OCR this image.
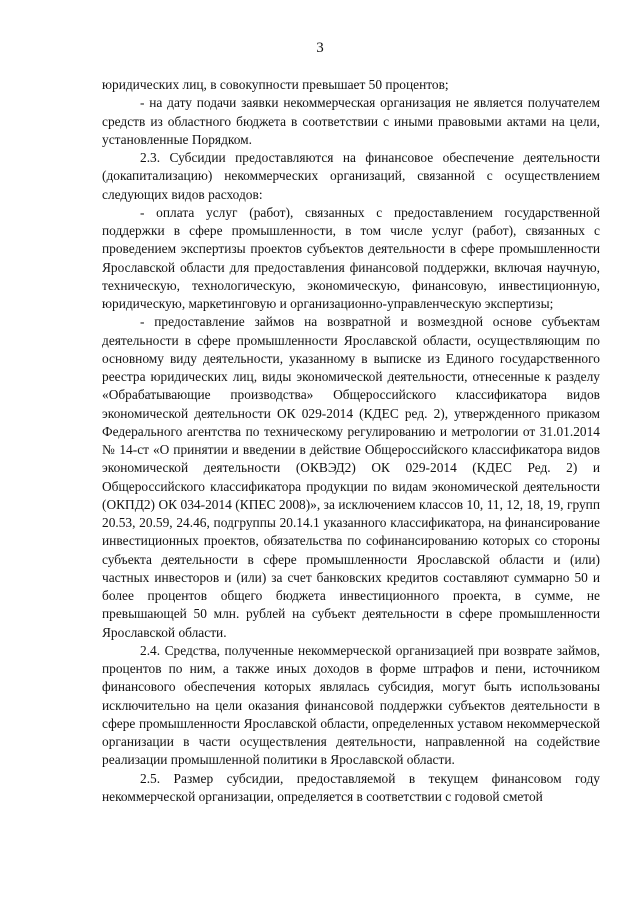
3

юридических лиц, в совокупности превышает 50 процентов;

- на дату подачи заявки некоммерческая организация не является получателем средств из областного бюджета в соответствии с иными правовыми актами на цели, установленные Порядком.

2.3. Субсидии предоставляются на финансовое обеспечение деятельности (докапитализацию) некоммерческих организаций, связанной с осуществлением следующих видов расходов:

- оплата услуг (работ), связанных с предоставлением государственной поддержки в сфере промышленности, в том числе услуг (работ), связанных с проведением экспертизы проектов субъектов деятельности в сфере промышленности Ярославской области для предоставления финансовой поддержки, включая научную, техническую, технологическую, экономическую, финансовую, инвестиционную, юридическую, маркетинговую и организационно-управленческую экспертизы;

- предоставление займов на возвратной и возмездной основе субъектам деятельности в сфере промышленности Ярославской области, осуществляющим по основному виду деятельности, указанному в выписке из Единого государственного реестра юридических лиц, виды экономической деятельности, отнесенные к разделу «Обрабатывающие производства» Общероссийского классификатора видов экономической деятельности ОК 029-2014 (КДЕС ред. 2), утвержденного приказом Федерального агентства по техническому регулированию и метрологии от 31.01.2014 № 14-ст «О принятии и введении в действие Общероссийского классификатора видов экономической деятельности (ОКВЭД2) ОК 029-2014 (КДЕС Ред. 2) и Общероссийского классификатора продукции по видам экономической деятельности (ОКПД2) ОК 034-2014 (КПЕС 2008)», за исключением классов 10, 11, 12, 18, 19, групп 20.53, 20.59, 24.46, подгруппы 20.14.1 указанного классификатора, на финансирование инвестиционных проектов, обязательства по софинансированию которых со стороны субъекта деятельности в сфере промышленности Ярославской области и (или) частных инвесторов и (или) за счет банковских кредитов составляют суммарно 50 и более процентов общего бюджета инвестиционного проекта, в сумме, не превышающей 50 млн. рублей на субъект деятельности в сфере промышленности Ярославской области.

2.4. Средства, полученные некоммерческой организацией при возврате займов, процентов по ним, а также иных доходов в форме штрафов и пени, источником финансового обеспечения которых являлась субсидия, могут быть использованы исключительно на цели оказания финансовой поддержки субъектов деятельности в сфере промышленности Ярославской области, определенных уставом некоммерческой организации в части осуществления деятельности, направленной на содействие реализации промышленной политики в Ярославской области.

2.5. Размер субсидии, предоставляемой в текущем финансовом году некоммерческой организации, определяется в соответствии с годовой сметой
